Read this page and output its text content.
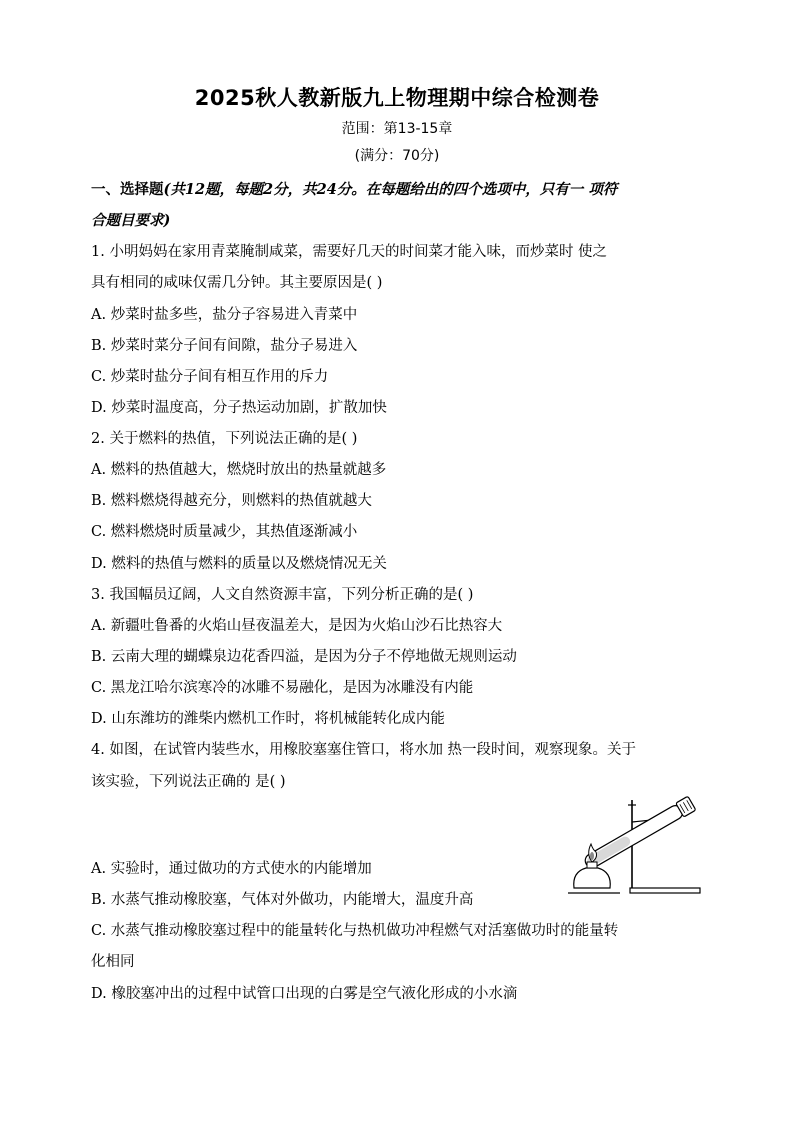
2025秋人教新版九上物理期中综合检测卷
范围：第13-15章
(满分：70分)
一、选择题(共12题，每题2分，共24分。在每题给出的四个选项中，只有一 项符
合题目要求)
1. 小明妈妈在家用青菜腌制咸菜，需要好几天的时间菜才能入味，而炒菜时 使之
具有相同的咸味仅需几分钟。其主要原因是( )
A. 炒菜时盐多些，盐分子容易进入青菜中
B. 炒菜时菜分子间有间隙，盐分子易进入
C. 炒菜时盐分子间有相互作用的斥力
D. 炒菜时温度高，分子热运动加剧，扩散加快
2. 关于燃料的热值，下列说法正确的是( )
A. 燃料的热值越大，燃烧时放出的热量就越多
B. 燃料燃烧得越充分，则燃料的热值就越大
C. 燃料燃烧时质量减少，其热值逐渐减小
D. 燃料的热值与燃料的质量以及燃烧情况无关
3. 我国幅员辽阔，人文自然资源丰富，下列分析正确的是( )
A. 新疆吐鲁番的火焰山昼夜温差大，是因为火焰山沙石比热容大
B. 云南大理的蝴蝶泉边花香四溢，是因为分子不停地做无规则运动
C. 黑龙江哈尔滨寒冷的冰雕不易融化，是因为冰雕没有内能
D. 山东潍坊的潍柴内燃机工作时，将机械能转化成内能
4. 如图，在试管内装些水，用橡胶塞塞住管口，将水加 热一段时间，观察现象。关于
该实验，下列说法正确的 是( )
A. 实验时，通过做功的方式使水的内能增加
B. 水蒸气推动橡胶塞，气体对外做功，内能增大，温度升高
C. 水蒸气推动橡胶塞过程中的能量转化与热机做功冲程燃气对活塞做功时的能量转
化相同
D. 橡胶塞冲出的过程中试管口出现的白雾是空气液化形成的小水滴
